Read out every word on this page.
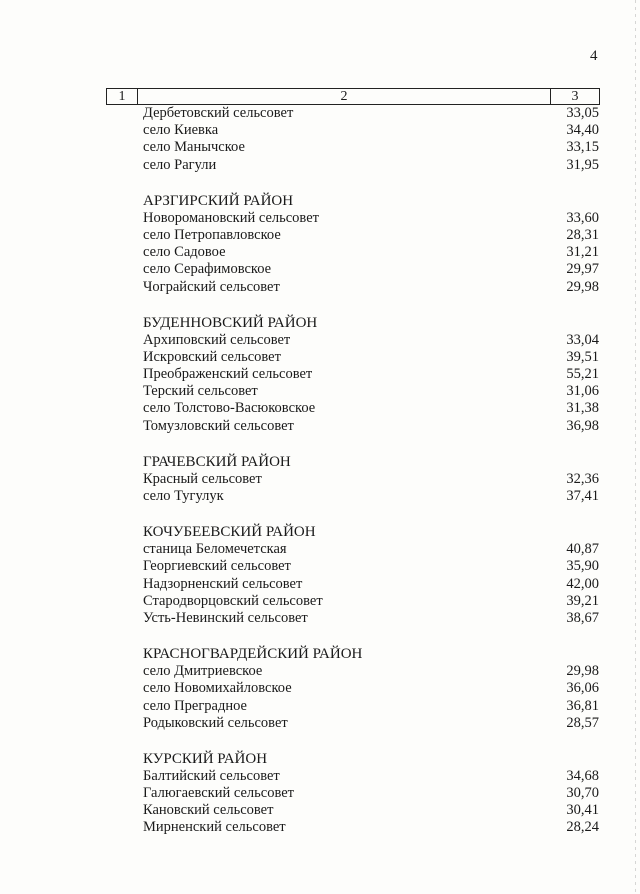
4
1	2	3
Дербетовский сельсовет	33,05
село Киевка	34,40
село Манычское	33,15
село Рагули	31,95
АРЗГИРСКИЙ РАЙОН
Новоромановский сельсовет	33,60
село Петропавловское	28,31
село Садовое	31,21
село Серафимовское	29,97
Чограйский сельсовет	29,98
БУДЕННОВСКИЙ РАЙОН
Архиповский сельсовет	33,04
Искровский сельсовет	39,51
Преображенский сельсовет	55,21
Терский сельсовет	31,06
село Толстово-Васюковское	31,38
Томузловский сельсовет	36,98
ГРАЧЕВСКИЙ РАЙОН
Красный сельсовет	32,36
село Тугулук	37,41
КОЧУБЕЕВСКИЙ РАЙОН
станица Беломечетская	40,87
Георгиевский сельсовет	35,90
Надзорненский сельсовет	42,00
Стародворцовский сельсовет	39,21
Усть-Невинский сельсовет	38,67
КРАСНОГВАРДЕЙСКИЙ РАЙОН
село Дмитриевское	29,98
село Новомихайловское	36,06
село Преградное	36,81
Родыковский сельсовет	28,57
КУРСКИЙ РАЙОН
Балтийский сельсовет	34,68
Галюгаевский сельсовет	30,70
Кановский сельсовет	30,41
Мирненский сельсовет	28,24
